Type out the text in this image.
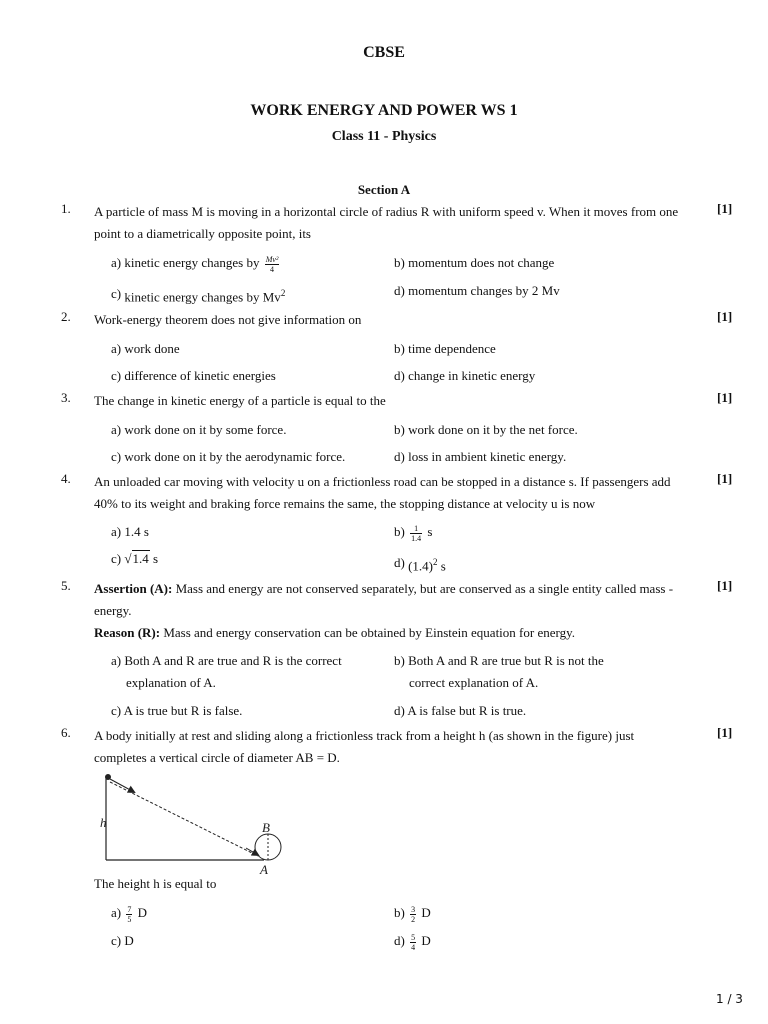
CBSE
WORK ENERGY AND POWER WS 1
Class 11 - Physics
Section A
1. A particle of mass M is moving in a horizontal circle of radius R with uniform speed v. When it moves from one
point to a diametrically opposite point, its
[1]
a) kinetic energy changes by $\frac{\text{Mv²}}{4}$	b) momentum does not change
c) kinetic energy changes by Mv$^2$	d) momentum changes by 2 Mv
2. Work-energy theorem does not give information on	[1]
a) work done	b) time dependence
c) difference of kinetic energies	d) change in kinetic energy
3. The change in kinetic energy of a particle is equal to the	[1]
a) work done on it by some force.	b) work done on it by the net force.
c) work done on it by the aerodynamic force.	d) loss in ambient kinetic energy.
4. An unloaded car moving with velocity u on a frictionless road can be stopped in a distance s. If passengers add
40% to its weight and braking force remains the same, the stopping distance at velocity u is now
[1]
a) 1.4 s	$b) \frac{1}{1.4}$ s
c) √1.4 s	d) $(1.4)^2$ s
5. Assertion (A): Mass and energy are not conserved separately, but are conserved as a single entity called mass -
energy.
Reason (R): Mass and energy conservation can be obtained by Einstein equation for energy.
[1]
a) Both A and R are true and R is the correct
explanation of A.
b) Both A and R are true but R is not the
correct explanation of A.
c) A is true but R is false.	d) A is false but R is true.
6. A body initially at rest and sliding along a frictionless track from a height h (as shown in the figure) just
completes a vertical circle of diameter AB = D.
[1]
h	B
A
The height h is equal to
$a) \frac{7}{5}$ D	$b) \frac{3}{2}$ D
c) D	$d) \frac{5}{4}$ D
1 / 3
